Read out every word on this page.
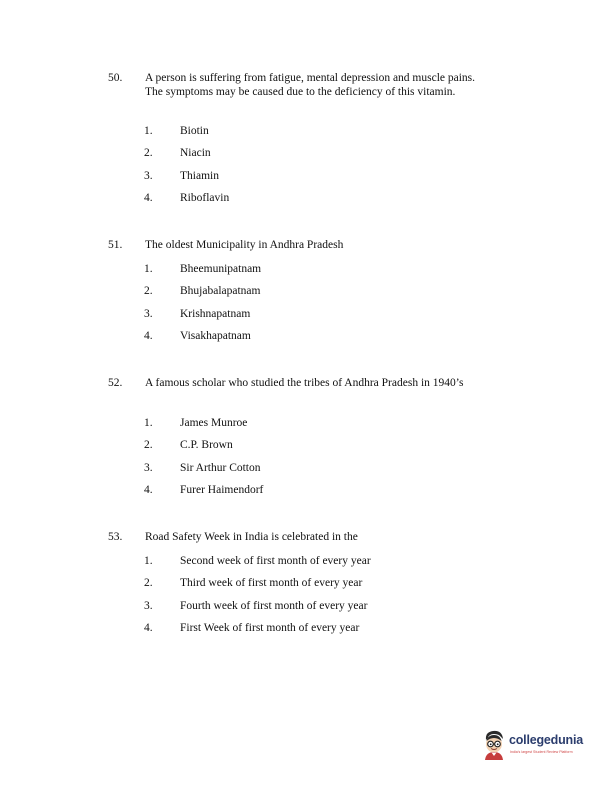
50. A person is suffering from fatigue, mental depression and muscle pains. The symptoms may be caused due to the deficiency of this vitamin.
1. Biotin
2. Niacin
3. Thiamin
4. Riboflavin
51. The oldest Municipality in Andhra Pradesh
1. Bheemunipatnam
2. Bhujabalapatnam
3. Krishnapatnam
4. Visakhapatnam
52. A famous scholar who studied the tribes of Andhra Pradesh in 1940’s
1. James Munroe
2. C.P. Brown
3. Sir Arthur Cotton
4. Furer Haimendorf
53. Road Safety Week in India is celebrated in the
1. Second week of first month of every year
2. Third week of first month of every year
3. Fourth week of first month of every year
4. First Week of first month of every year
collegedunia
India's largest Student Review Platform
